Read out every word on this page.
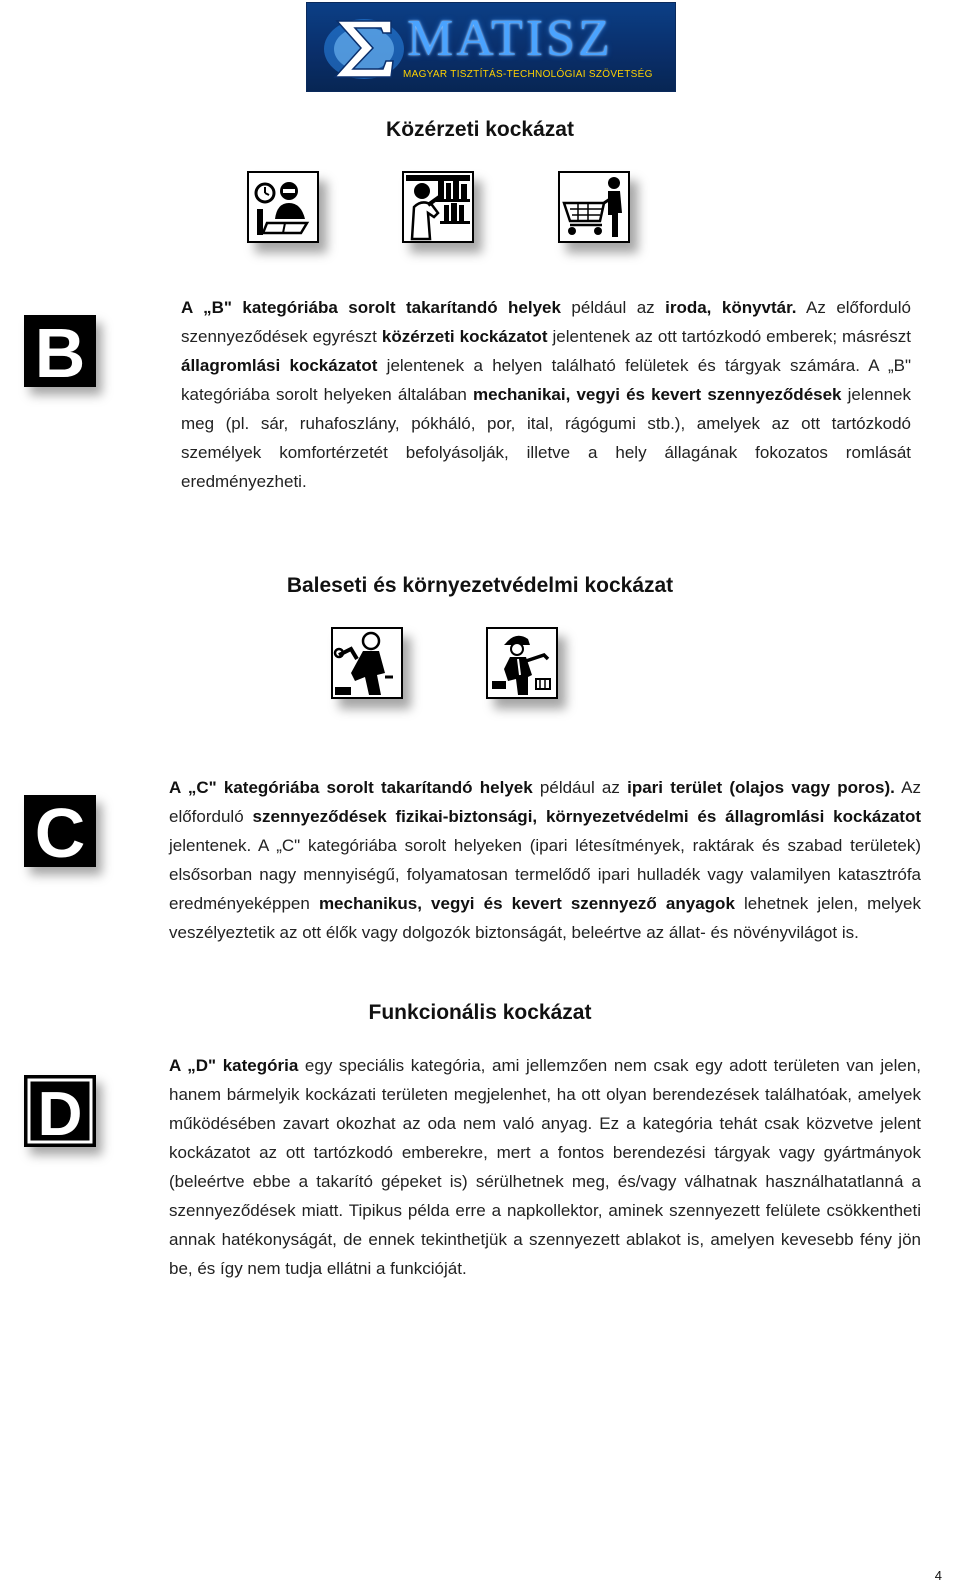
MATISZ
MAGYAR TISZTÍTÁS-TECHNOLÓGIAI SZÖVETSÉG
Közérzeti kockázat
B
A „B" kategóriába sorolt takarítandó helyek például az iroda, könyvtár. Az előforduló szennyeződések egyrészt közérzeti kockázatot jelentenek az ott tartózkodó emberek; másrészt állagromlási kockázatot jelentenek a helyen található felületek és tárgyak számára. A „B" kategóriába sorolt helyeken általában mechanikai, vegyi és kevert szennyeződések jelennek meg (pl. sár, ruhafoszlány, pókháló, por, ital, rágógumi stb.), amelyek az ott tartózkodó személyek komfortérzetét befolyásolják, illetve a hely állagának fokozatos romlását eredményezheti.
Baleseti és környezetvédelmi kockázat
C
A „C" kategóriába sorolt takarítandó helyek például az ipari terület (olajos vagy poros). Az előforduló szennyeződések fizikai-biztonsági, környezetvédelmi és állagromlási kockázatot jelentenek. A „C" kategóriába sorolt helyeken (ipari létesítmények, raktárak és szabad területek) elsősorban nagy mennyiségű, folyamatosan termelődő ipari hulladék vagy valamilyen katasztrófa eredményeképpen mechanikus, vegyi és kevert szennyező anyagok lehetnek jelen, melyek veszélyeztetik az ott élők vagy dolgozók biztonságát, beleértve az állat- és növényvilágot is.
Funkcionális kockázat
D
A „D" kategória egy speciális kategória, ami jellemzően nem csak egy adott területen van jelen, hanem bármelyik kockázati területen megjelenhet, ha ott olyan berendezések találhatóak, amelyek működésében zavart okozhat az oda nem való anyag. Ez a kategória tehát csak közvetve jelent kockázatot az ott tartózkodó emberekre, mert a fontos berendezési tárgyak vagy gyártmányok (beleértve ebbe a takarító gépeket is) sérülhetnek meg, és/vagy válhatnak használhatatlanná a szennyeződések miatt. Tipikus példa erre a napkollektor, aminek szennyezett felülete csökkentheti annak hatékonyságát, de ennek tekinthetjük a szennyezett ablakot is, amelyen kevesebb fény jön be, és így nem tudja ellátni a funkcióját.
4
